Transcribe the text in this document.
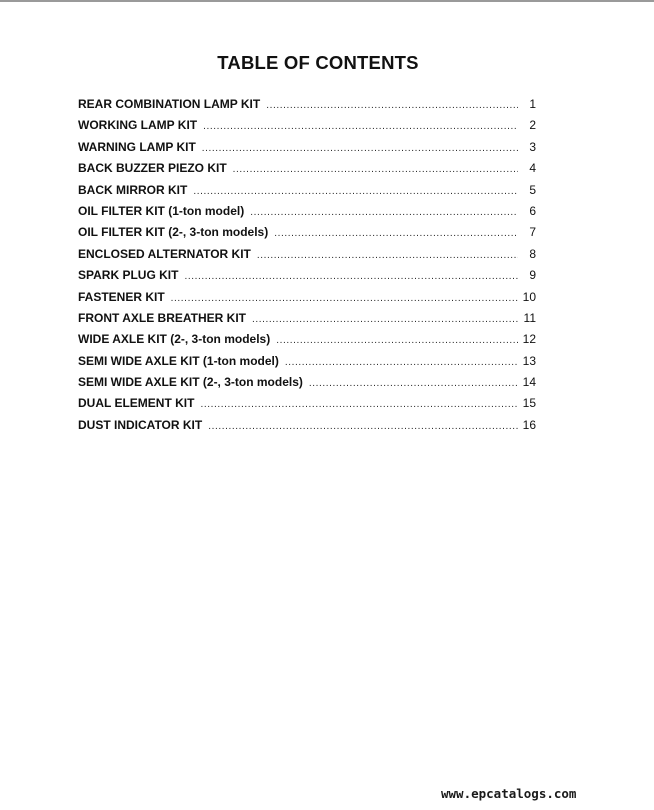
TABLE OF CONTENTS
REAR COMBINATION LAMP KIT .....	1
WORKING LAMP KIT .....	2
WARNING LAMP KIT .....	3
BACK BUZZER PIEZO KIT .....	4
BACK MIRROR KIT .....	5
OIL FILTER KIT (1-ton model) .....	6
OIL FILTER KIT (2-, 3-ton models) .....	7
ENCLOSED ALTERNATOR KIT .....	8
SPARK PLUG KIT .....	9
FASTENER KIT .....	10
FRONT AXLE BREATHER KIT .....	11
WIDE AXLE KIT (2-, 3-ton models) .....	12
SEMI WIDE AXLE KIT (1-ton model) .....	13
SEMI WIDE AXLE KIT (2-, 3-ton models) .....	14
DUAL ELEMENT KIT .....	15
DUST INDICATOR KIT .....	16
www.epcatalogs.com
